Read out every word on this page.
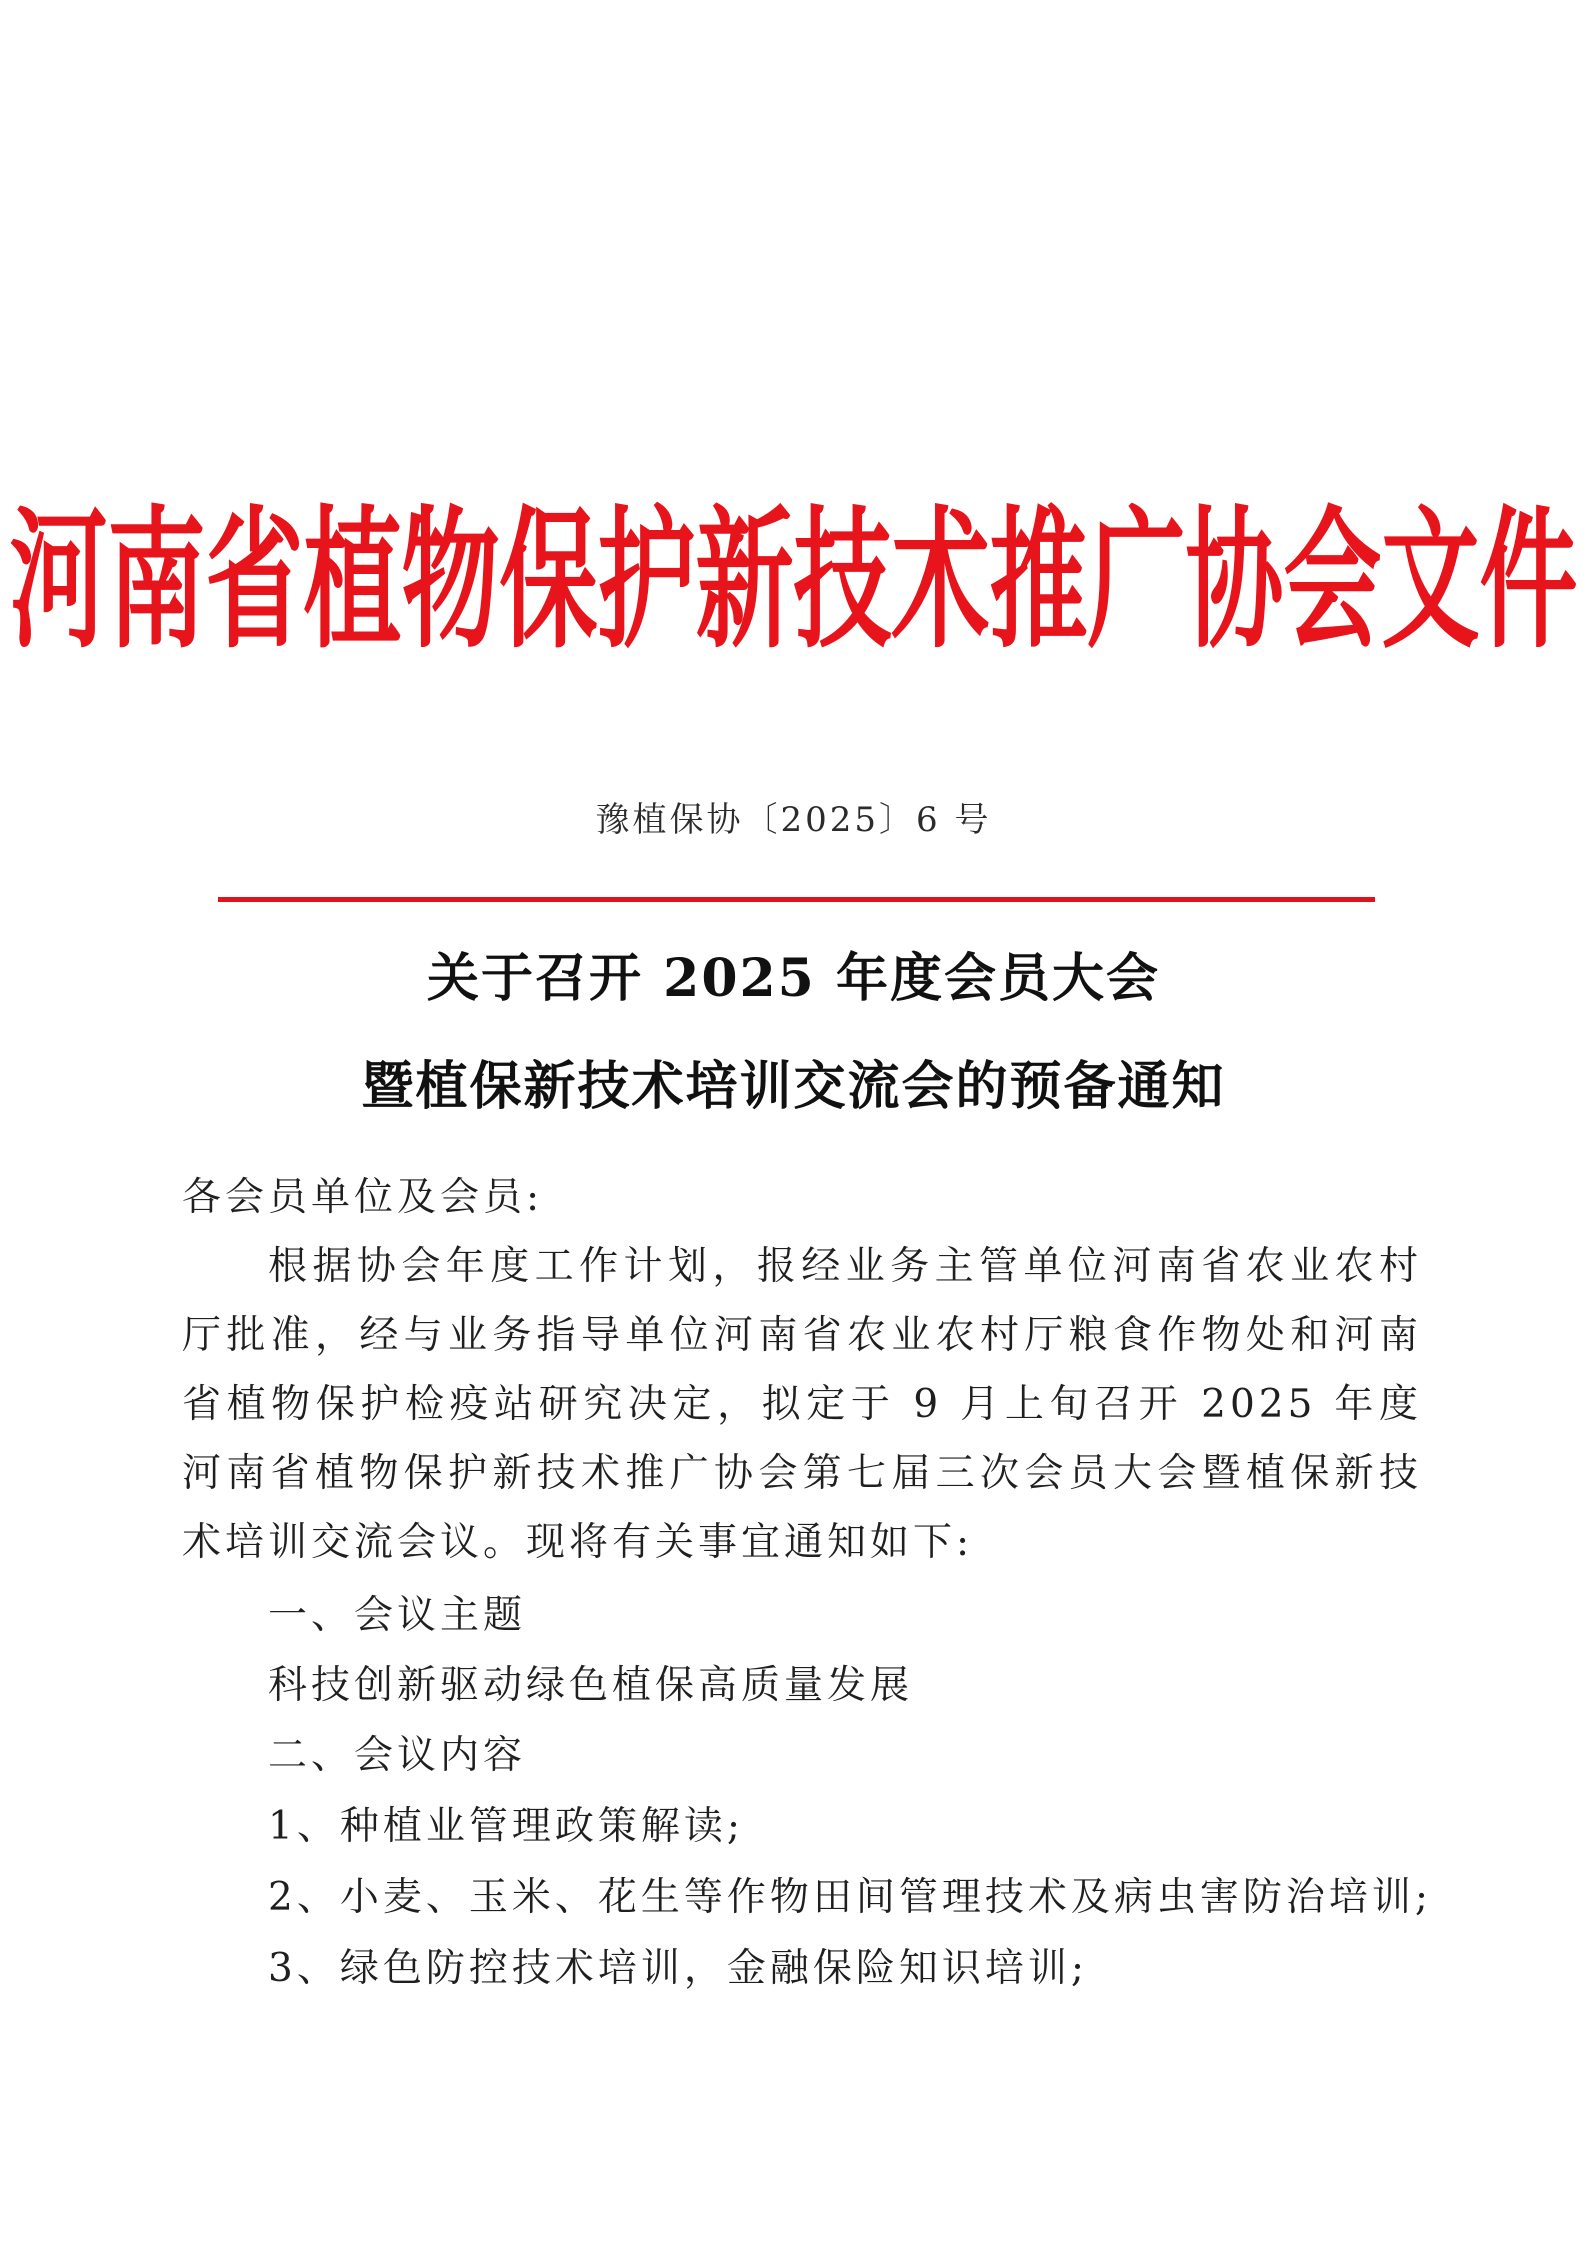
河南省植物保护新技术推广协会文件
豫植保协〔2025〕6 号
关于召开 2025 年度会员大会
暨植保新技术培训交流会的预备通知
各会员单位及会员:
根据协会年度工作计划，报经业务主管单位河南省农业农村厅批准，经与业务指导单位河南省农业农村厅粮食作物处和河南省植物保护检疫站研究决定，拟定于 9 月上旬召开 2025 年度河南省植物保护新技术推广协会第七届三次会员大会暨植保新技术培训交流会议。现将有关事宜通知如下:
一、会议主题
科技创新驱动绿色植保高质量发展
二、会议内容
1、种植业管理政策解读;
2、小麦、玉米、花生等作物田间管理技术及病虫害防治培训;
3、绿色防控技术培训，金融保险知识培训;
